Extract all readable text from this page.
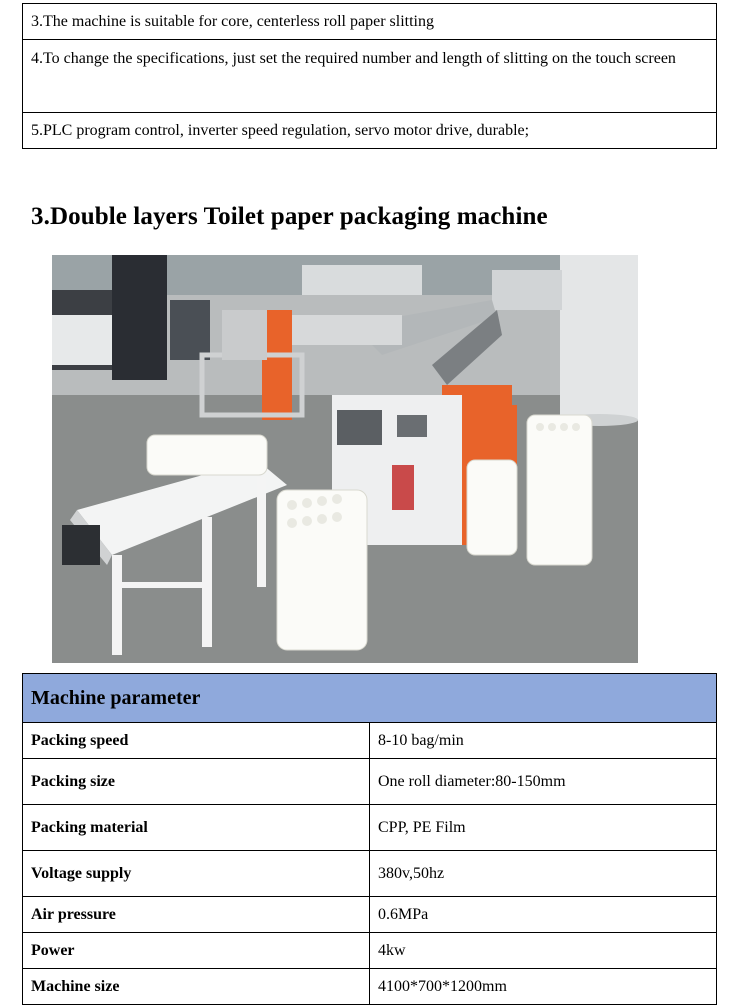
3.The machine is suitable for core, centerless roll paper slitting
4.To change the specifications, just set the required number and length of slitting on the touch screen
5.PLC program control, inverter speed regulation, servo motor drive, durable;
3.Double layers Toilet paper packaging machine
Machine parameter	
Packing speed	8-10 bag/min
Packing size	One roll diameter:80-150mm
Packing material	CPP, PE Film
Voltage supply	380v,50hz
Air pressure	0.6MPa
Power	4kw
Machine size	4100*700*1200mm
